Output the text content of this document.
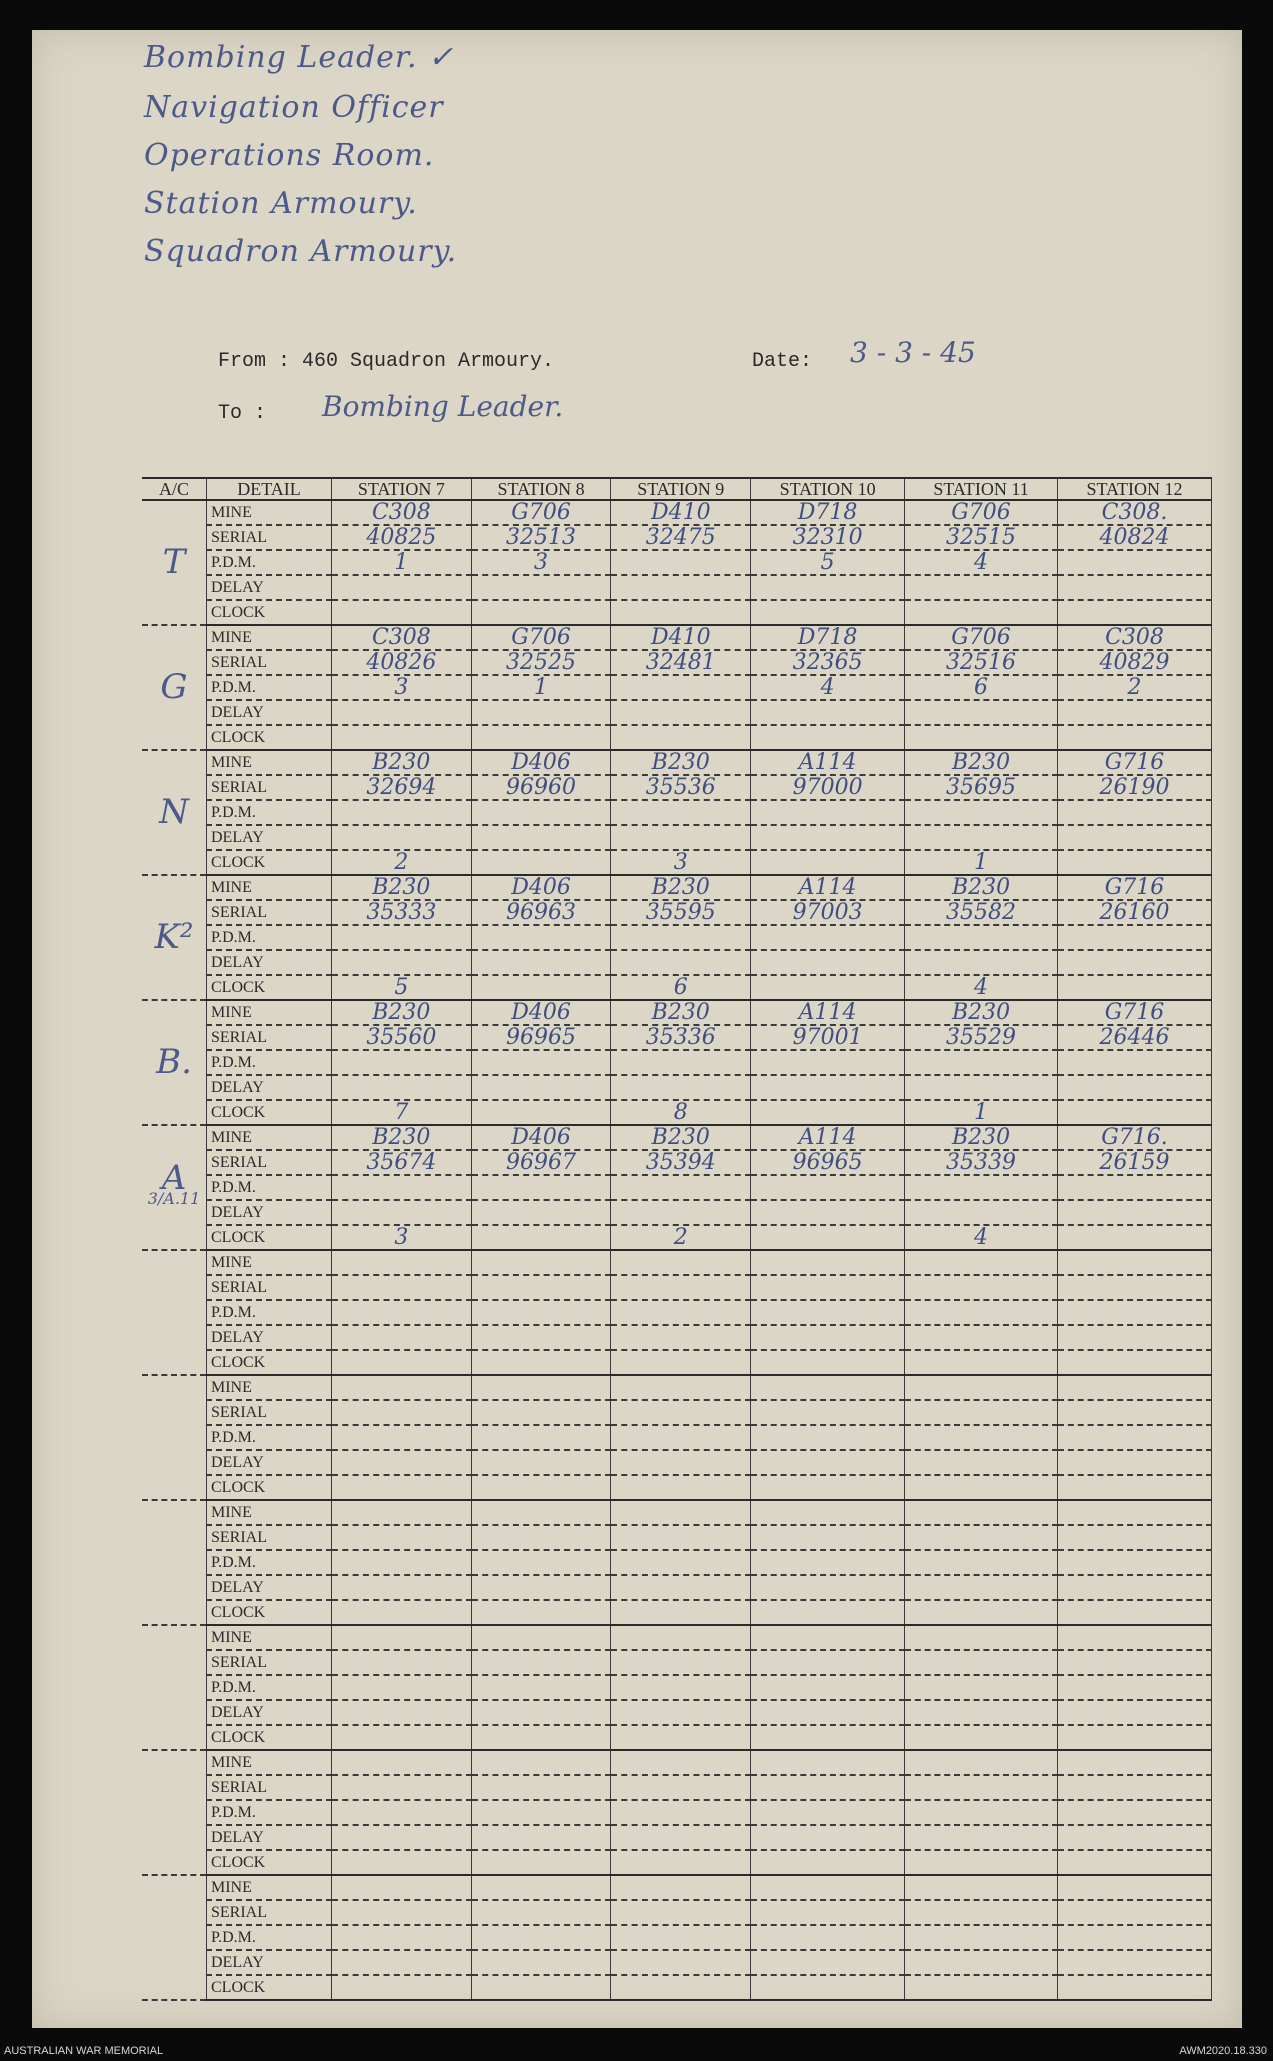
Bombing Leader. ✓
Navigation Officer
Operations Room.
Station Armoury.
Squadron Armoury.
From : 460 Squadron Armoury.	Date: 3 - 3 - 45
To : Bombing Leader.
A/C	DETAIL	STATION 7	STATION 8	STATION 9	STATION 10	STATION 11	STATION 12
T	MINE	C308	G706	D410	D718	G706	C308.
	SERIAL	40825	32513	32475	32310	32515	40824
	P.D.M.	1	3		5	4	
	DELAY						
	CLOCK						
G	MINE	C308	G706	D410	D718	G706	C308
	SERIAL	40826	32525	32481	32365	32516	40829
	P.D.M.	3	1		4	6	2
	DELAY						
	CLOCK						
N	MINE	B230	D406	B230	A114	B230	G716
	SERIAL	32694	96960	35536	97000	35695	26190
	P.D.M.						
	DELAY						
	CLOCK	2		3		1	
K²	MINE	B230	D406	B230	A114	B230	G716
	SERIAL	35333	96963	35595	97003	35582	26160
	P.D.M.						
	DELAY						
	CLOCK	5		6		4	
B.	MINE	B230	D406	B230	A114	B230	G716
	SERIAL	35560	96965	35336	97001	35529	26446
	P.D.M.						
	DELAY						
	CLOCK	7		8		1	
A
3/A.11	MINE	B230	D406	B230	A114	B230	G716.
	SERIAL	35674	96967	35394	96965	35339	26159
	P.D.M.						
	DELAY						
	CLOCK	3		2		4	

	MINE						
	SERIAL						
	P.D.M.						
	DELAY						
	CLOCK						

	MINE						
	SERIAL						
	P.D.M.						
	DELAY						
	CLOCK						

	MINE						
	SERIAL						
	P.D.M.						
	DELAY						
	CLOCK						

	MINE						
	SERIAL						
	P.D.M.						
	DELAY						
	CLOCK						

	MINE						
	SERIAL						
	P.D.M.						
	DELAY						
	CLOCK						

	MINE						
	SERIAL						
	P.D.M.						
	DELAY						
	CLOCK						
AUSTRALIAN WAR MEMORIAL	AWM2020.18.330
